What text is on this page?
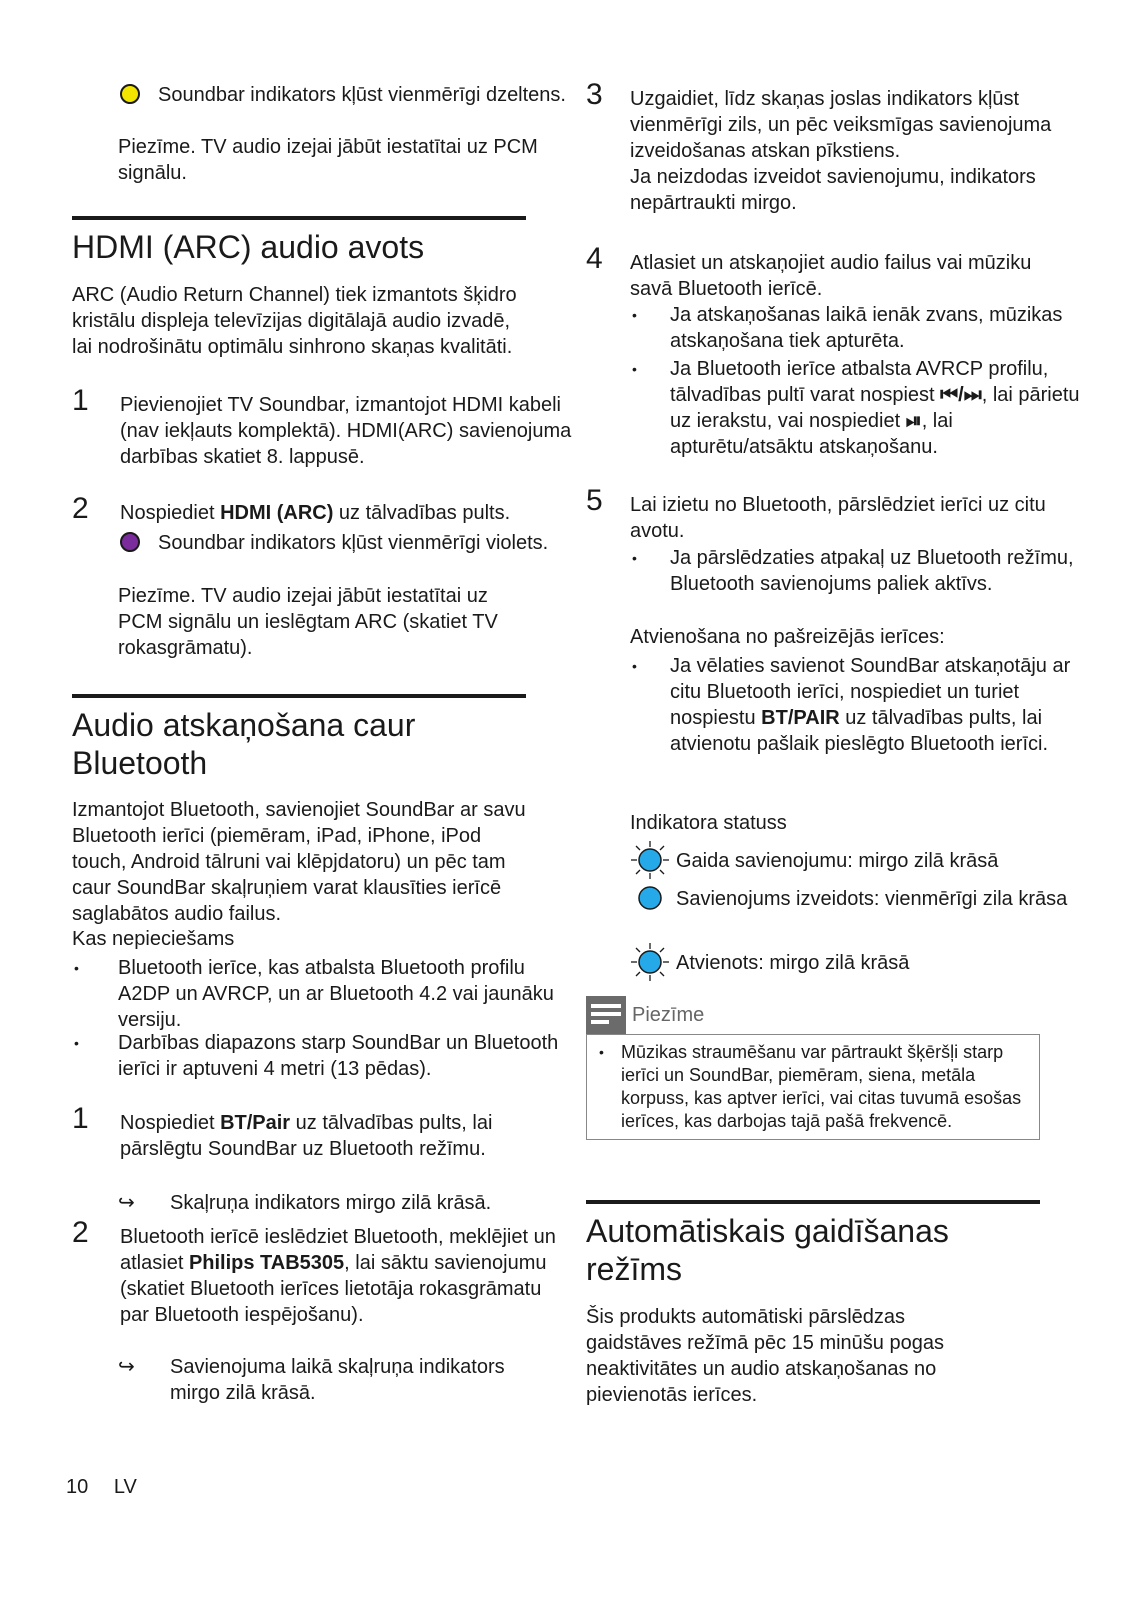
Soundbar indikators kļūst vienmērīgi dzeltens.

Piezīme. TV audio izejai jābūt iestatītai uz PCM signālu.

HDMI (ARC) audio avots

ARC (Audio Return Channel) tiek izmantots šķidro kristālu displeja televīzijas digitālajā audio izvadē, lai nodrošinātu optimālu sinhrono skaņas kvalitāti.

1 Pievienojiet TV Soundbar, izmantojot HDMI kabeli (nav iekļauts komplektā). HDMI(ARC) savienojuma darbības skatiet 8. lappusē.

2 Nospiediet HDMI (ARC) uz tālvadības pults.

Soundbar indikators kļūst vienmērīgi violets.

Piezīme. TV audio izejai jābūt iestatītai uz PCM signālu un ieslēgtam ARC (skatiet TV rokasgrāmatu).

Audio atskaņošana caur
Bluetooth

Izmantojot Bluetooth, savienojiet SoundBar ar savu Bluetooth ierīci (piemēram, iPad, iPhone, iPod touch, Android tālruni vai klēpjdatoru) un pēc tam caur SoundBar skaļruņiem varat klausīties ierīcē saglabātos audio failus.

Kas nepieciešams

• Bluetooth ierīce, kas atbalsta Bluetooth profilu A2DP un AVRCP, un ar Bluetooth 4.2 vai jaunāku versiju.
• Darbības diapazons starp SoundBar un Bluetooth ierīci ir aptuveni 4 metri (13 pēdas).
1 Nospiediet BT/Pair uz tālvadības pults, lai pārslēgtu SoundBar uz Bluetooth režīmu.

↪ Skaļruņa indikators mirgo zilā krāsā.
2 Bluetooth ierīcē ieslēdziet Bluetooth, meklējiet un atlasiet Philips TAB5305, lai sāktu savienojumu (skatiet Bluetooth ierīces lietotāja rokasgrāmatu par Bluetooth iespējošanu).

↪ Savienojuma laikā skaļruņa indikators mirgo zilā krāsā.
10 LV
3 Uzgaidiet, līdz skaņas joslas indikators kļūst vienmērīgi zils, un pēc veiksmīgas savienojuma izveidošanas atskan pīkstiens.

Ja neizdodas izveidot savienojumu, indikators nepārtraukti mirgo.

4 Atlasiet un atskaņojiet audio failus vai mūziku savā Bluetooth ierīcē.

• Ja atskaņošanas laikā ienāk zvans, mūzikas atskaņošana tiek apturēta.
• Ja Bluetooth ierīce atbalsta AVRCP profilu, tālvadības pultī varat nospiest ⏮/⏭, lai pārietu uz ierakstu, vai nospiediet ⏯, lai apturētu/atsāktu atskaņošanu.
5 Lai izietu no Bluetooth, pārslēdziet ierīci uz citu avotu.

• Ja pārslēdzaties atpakaļ uz Bluetooth režīmu, Bluetooth savienojums paliek aktīvs.

Atvienošana no pašreizējās ierīces:

• Ja vēlaties savienot SoundBar atskaņotāju ar citu Bluetooth ierīci, nospiediet un turiet nospiestu BT/PAIR uz tālvadības pults, lai atvienotu pašlaik pieslēgto Bluetooth ierīci.

Indikatora statuss

Gaida savienojumu: mirgo zilā krāsā
Savienojums izveidots: vienmērīgi zila krāsa
Atvienots: mirgo zilā krāsā
Piezīme

• Mūzikas straumēšanu var pārtraukt šķēršļi starp ierīci un SoundBar, piemēram, siena, metāla korpuss, kas aptver ierīci, vai citas tuvumā esošas ierīces, kas darbojas tajā pašā frekvencē.

Automātiskais gaidīšanas
režīms

Šis produkts automātiski pārslēdzas gaidstāves režīmā pēc 15 minūšu pogas neaktivitātes un audio atskaņošanas no pievienotās ierīces.
